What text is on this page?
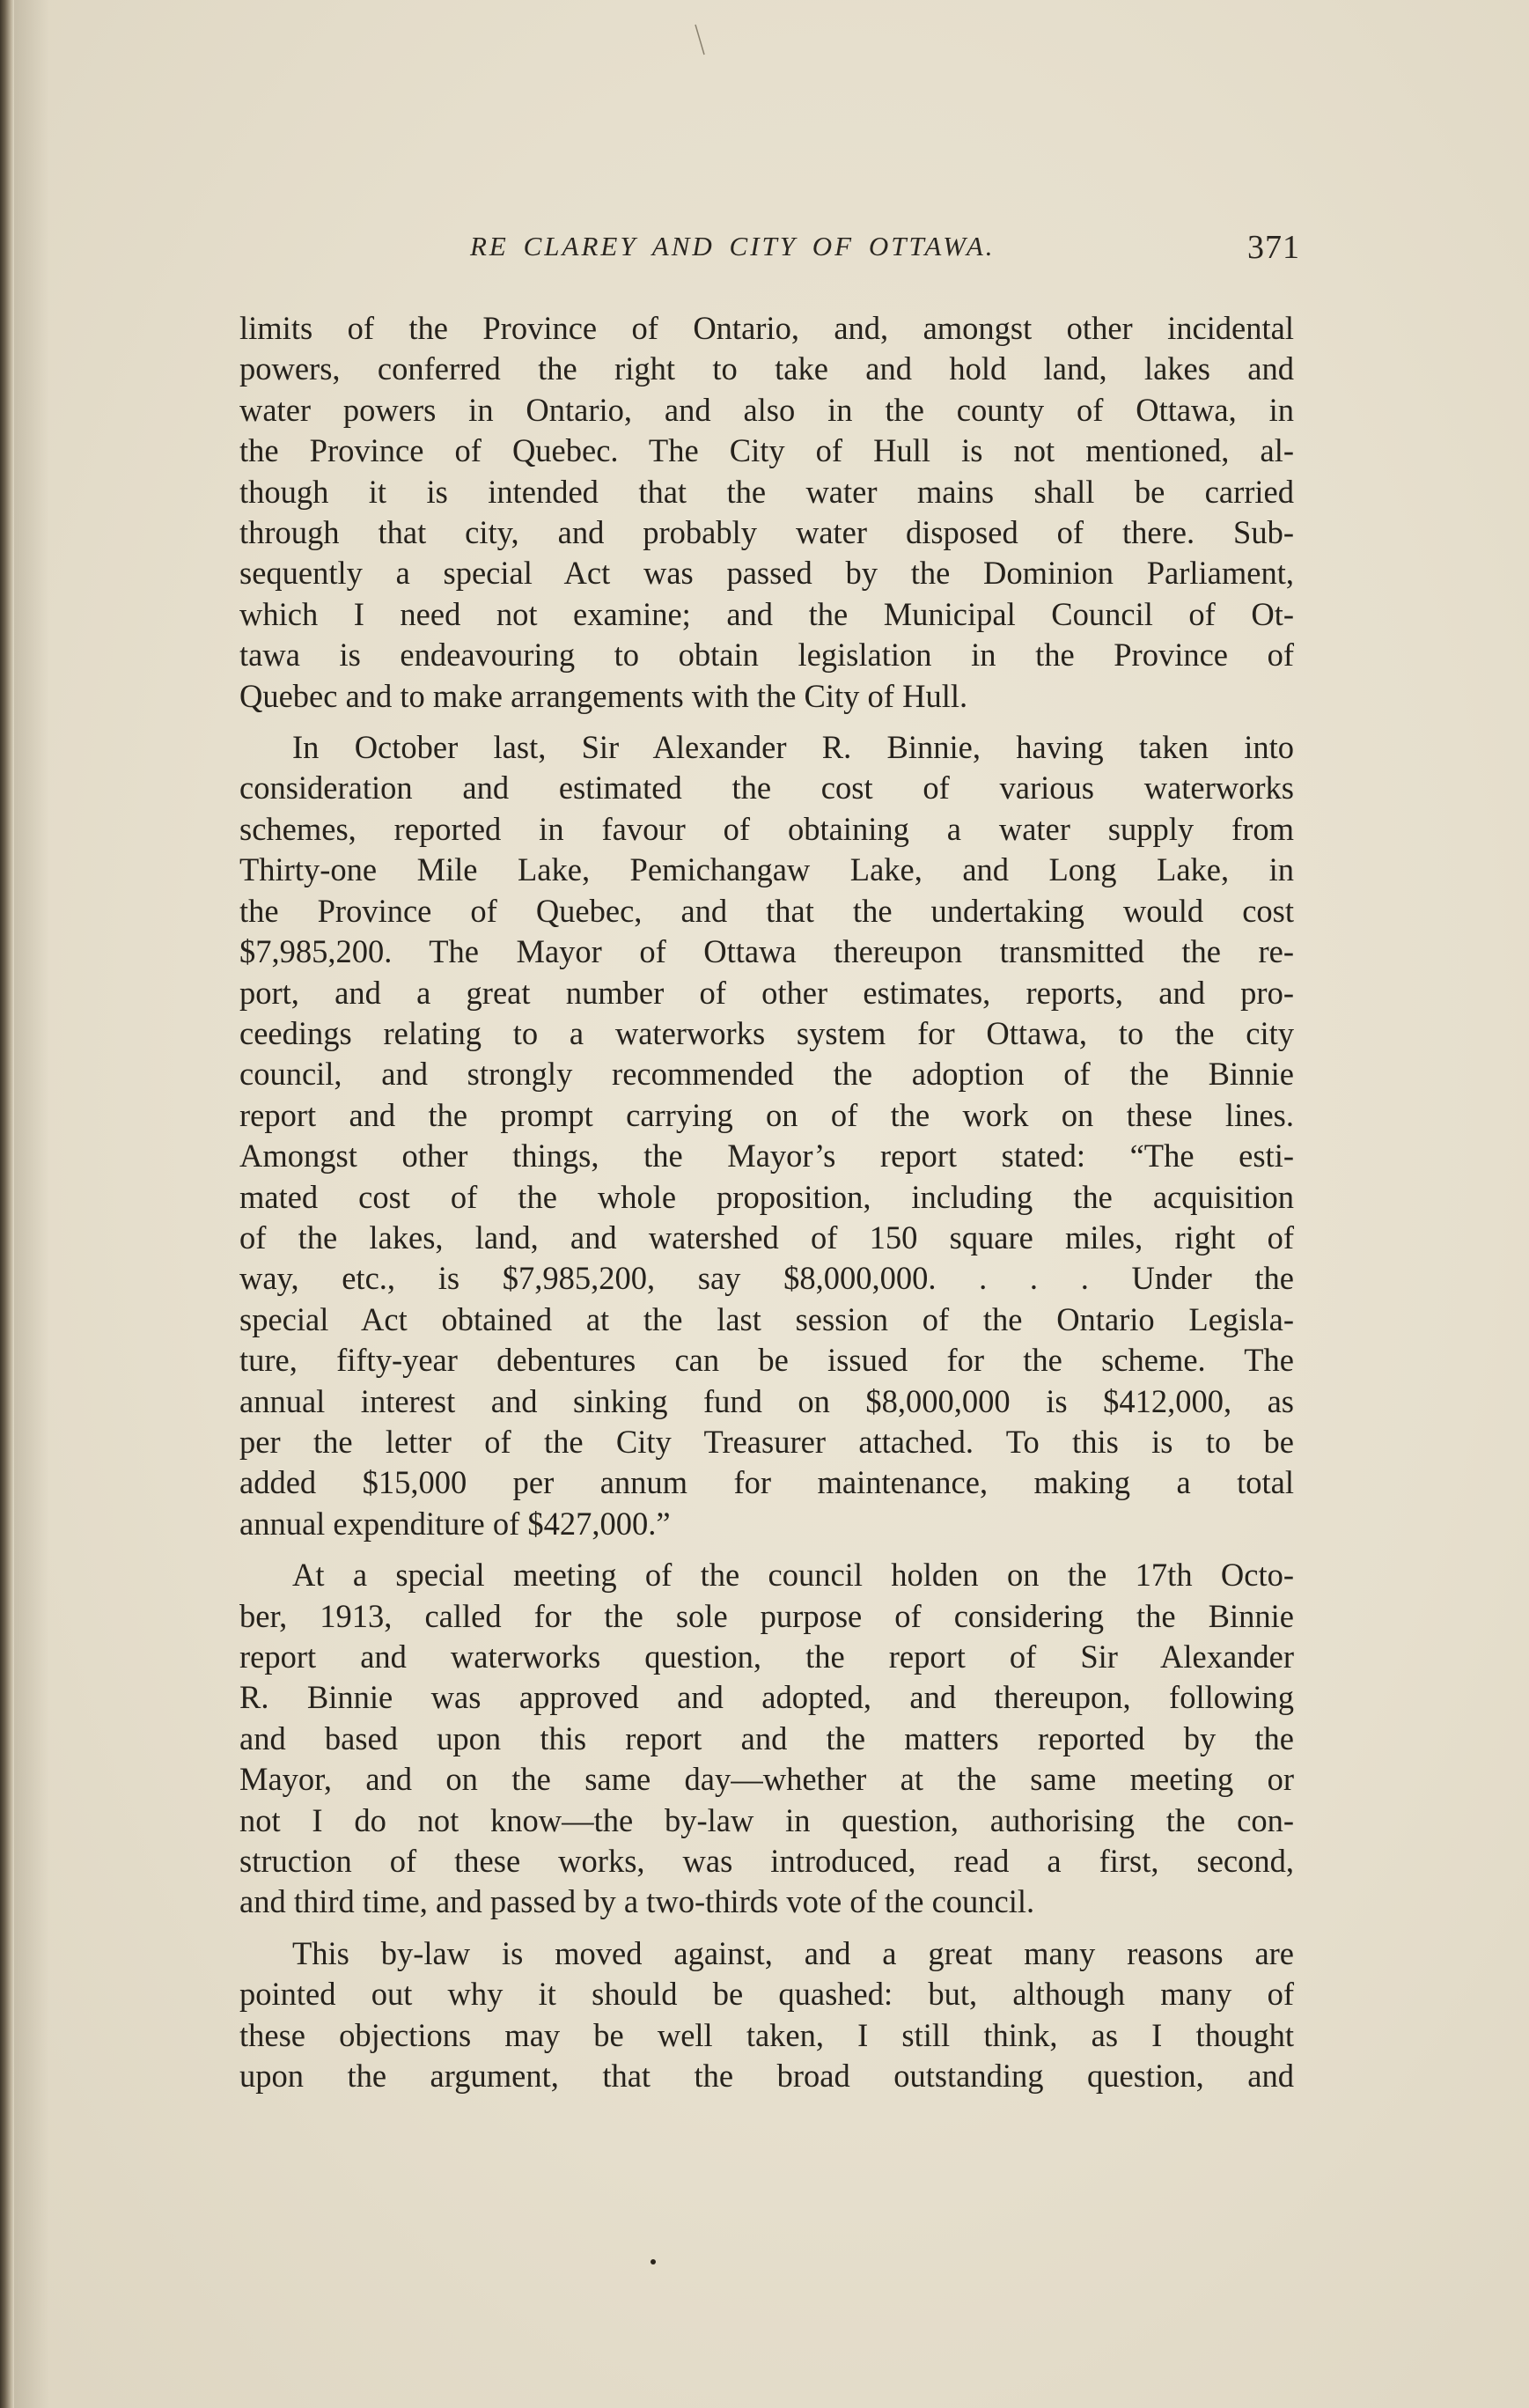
RE CLAREY AND CITY OF OTTAWA.	371
limits of the Province of Ontario, and, amongst other incidental
powers, conferred the right to take and hold land, lakes and
water powers in Ontario, and also in the county of Ottawa, in
the Province of Quebec. The City of Hull is not mentioned, al-
though it is intended that the water mains shall be carried
through that city, and probably water disposed of there. Sub-
sequently a special Act was passed by the Dominion Parliament,
which I need not examine; and the Municipal Council of Ot-
tawa is endeavouring to obtain legislation in the Province of
Quebec and to make arrangements with the City of Hull.
In October last, Sir Alexander R. Binnie, having taken into
consideration and estimated the cost of various waterworks
schemes, reported in favour of obtaining a water supply from
Thirty-one Mile Lake, Pemichangaw Lake, and Long Lake, in
the Province of Quebec, and that the undertaking would cost
$7,985,200. The Mayor of Ottawa thereupon transmitted the re-
port, and a great number of other estimates, reports, and pro-
ceedings relating to a waterworks system for Ottawa, to the city
council, and strongly recommended the adoption of the Binnie
report and the prompt carrying on of the work on these lines.
Amongst other things, the Mayor’s report stated: “The esti-
mated cost of the whole proposition, including the acquisition
of the lakes, land, and watershed of 150 square miles, right of
way, etc., is $7,985,200, say $8,000,000. . . . Under the
special Act obtained at the last session of the Ontario Legisla-
ture, fifty-year debentures can be issued for the scheme. The
annual interest and sinking fund on $8,000,000 is $412,000, as
per the letter of the City Treasurer attached. To this is to be
added $15,000 per annum for maintenance, making a total
annual expenditure of $427,000.”
At a special meeting of the council holden on the 17th Octo-
ber, 1913, called for the sole purpose of considering the Binnie
report and waterworks question, the report of Sir Alexander
R. Binnie was approved and adopted, and thereupon, following
and based upon this report and the matters reported by the
Mayor, and on the same day—whether at the same meeting or
not I do not know—the by-law in question, authorising the con-
struction of these works, was introduced, read a first, second,
and third time, and passed by a two-thirds vote of the council.
This by-law is moved against, and a great many reasons are
pointed out why it should be quashed: but, although many of
these objections may be well taken, I still think, as I thought
upon the argument, that the broad outstanding question, and
